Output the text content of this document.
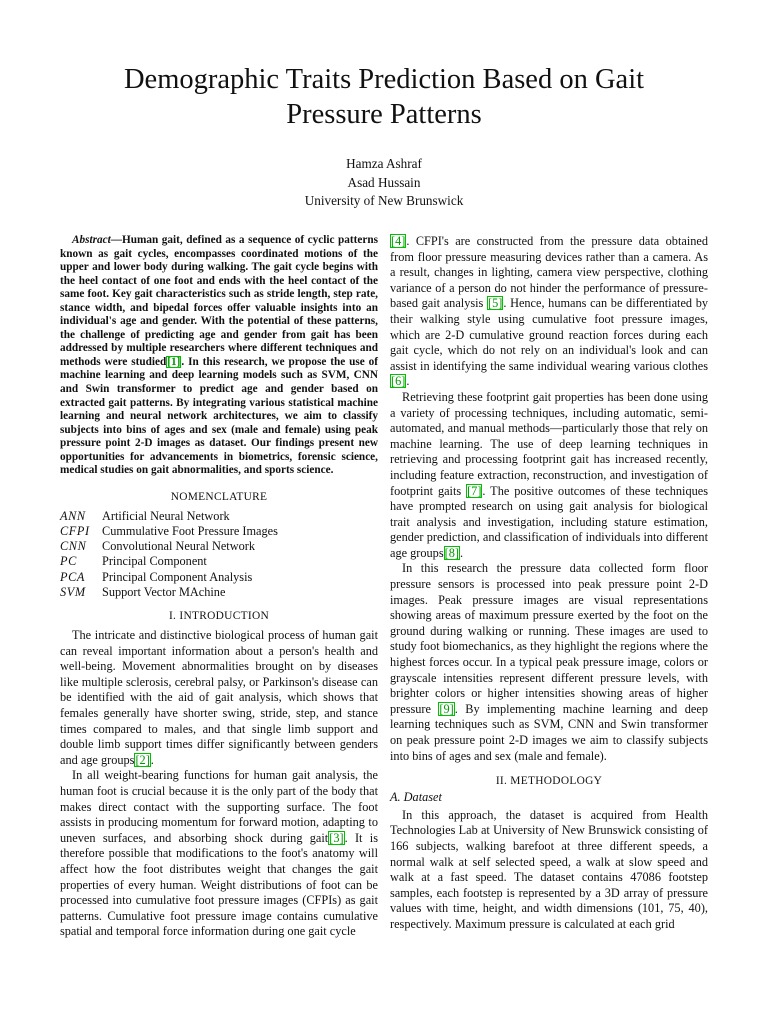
Demographic Traits Prediction Based on Gait
Pressure Patterns
Hamza Ashraf
Asad Hussain
University of New Brunswick

Abstract—Human gait, defined as a sequence of cyclic patterns known as gait cycles, encompasses coordinated motions of the upper and lower body during walking. The gait cycle begins with the heel contact of one foot and ends with the heel contact of the same foot. Key gait characteristics such as stride length, step rate, stance width, and bipedal forces offer valuable insights into an individual's age and gender. With the potential of these patterns, the challenge of predicting age and gender from gait has been addressed by multiple researchers where different techniques and methods were studied[1]. In this research, we propose the use of machine learning and deep learning models such as SVM, CNN and Swin transformer to predict age and gender based on extracted gait patterns. By integrating various statistical machine learning and neural network architectures, we aim to classify subjects into bins of ages and sex (male and female) using peak pressure point 2-D images as dataset. Our findings present new opportunities for advancements in biometrics, forensic science, medical studies on gait abnormalities, and sports science.

NOMENCLATURE
ANN	Artificial Neural Network
CFPI Cummulative Foot Pressure Images
CNN	Convolutional Neural Network
PC	Principal Component
PCA	Principal Component Analysis
SVM	Support Vector MAchine
I. INTRODUCTION

The intricate and distinctive biological process of human gait can reveal important information about a person's health and well-being. Movement abnormalities brought on by diseases like multiple sclerosis, cerebral palsy, or Parkinson's disease can be identified with the aid of gait analysis, which shows that females generally have shorter swing, stride, step, and stance times compared to males, and that single limb support and double limb support times differ significantly between genders and age groups[2].

In all weight-bearing functions for human gait analysis, the human foot is crucial because it is the only part of the body that makes direct contact with the supporting surface. The foot assists in producing momentum for forward motion, adapting to uneven surfaces, and absorbing shock during gait[3]. It is therefore possible that modifications to the foot's anatomy will affect how the foot distributes weight that changes the gait properties of every human. Weight distributions of foot can be processed into cumulative foot pressure images (CFPIs) as gait patterns. Cumulative foot pressure image contains cumulative spatial and temporal force information during one gait cycle

[4]. CFPI's are constructed from the pressure data obtained from floor pressure measuring devices rather than a camera. As a result, changes in lighting, camera view perspective, clothing variance of a person do not hinder the performance of pressure-based gait analysis [5]. Hence, humans can be differentiated by their walking style using cumulative foot pressure images, which are 2-D cumulative ground reaction forces during each gait cycle, which do not rely on an individual's look and can assist in identifying the same individual wearing various clothes [6].

Retrieving these footprint gait properties has been done using a variety of processing techniques, including automatic, semi-automated, and manual methods—particularly those that rely on machine learning. The use of deep learning techniques in retrieving and processing footprint gait has increased recently, including feature extraction, reconstruction, and investigation of footprint gaits [7]. The positive outcomes of these techniques have prompted research on using gait analysis for biological trait analysis and investigation, including stature estimation, gender prediction, and classification of individuals into different age groups[8].

In this research the pressure data collected form floor pressure sensors is processed into peak pressure point 2-D images. Peak pressure images are visual representations showing areas of maximum pressure exerted by the foot on the ground during walking or running. These images are used to study foot biomechanics, as they highlight the regions where the highest forces occur. In a typical peak pressure image, colors or grayscale intensities represent different pressure levels, with brighter colors or higher intensities showing areas of higher pressure [9]. By implementing machine learning and deep learning techniques such as SVM, CNN and Swin transformer on peak pressure point 2-D images we aim to classify subjects into bins of ages and sex (male and female).

II. METHODOLOGY
A. Dataset

In this approach, the dataset is acquired from Health Technologies Lab at University of New Brunswick consisting of 166 subjects, walking barefoot at three different speeds, a normal walk at self selected speed, a walk at slow speed and walk at a fast speed. The dataset contains 47086 footstep samples, each footstep is represented by a 3D array of pressure values with time, height, and width dimensions (101, 75, 40), respectively. Maximum pressure is calculated at each grid
